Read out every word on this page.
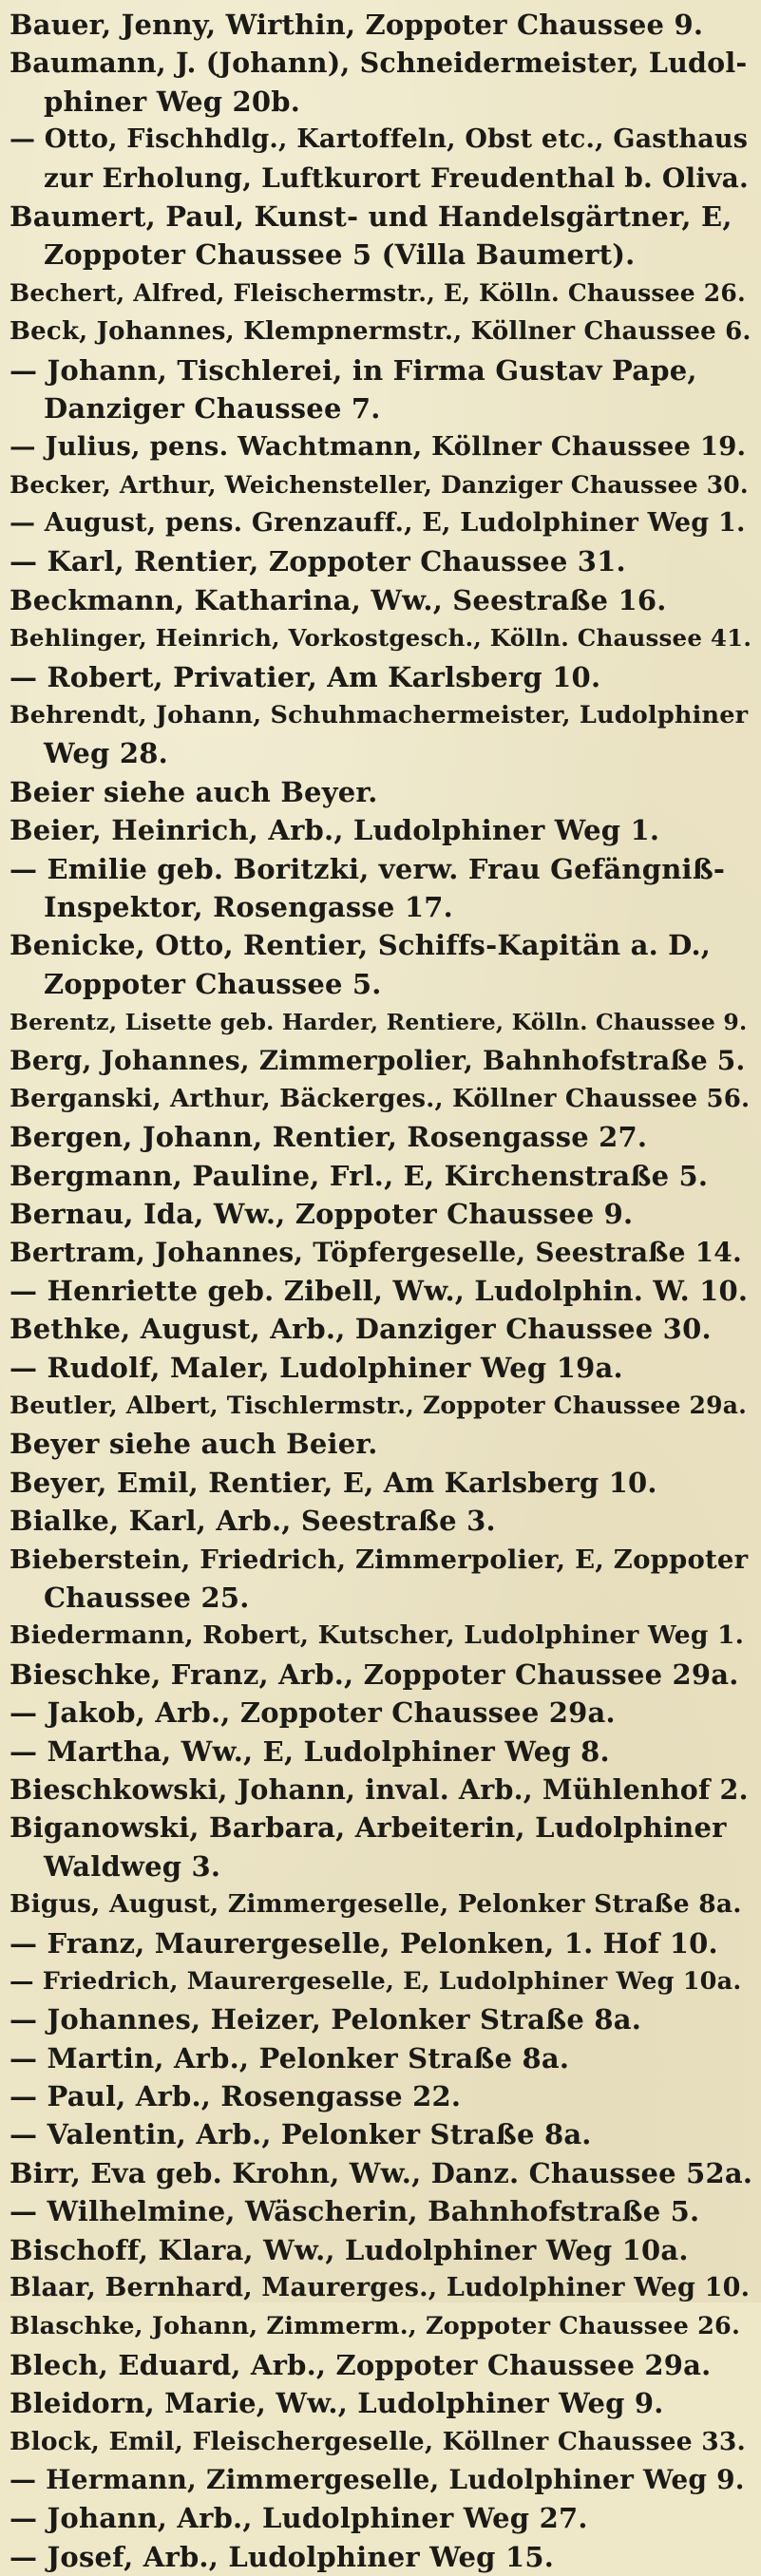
Bauer, Jenny, Wirthin, Zoppoter Chaussee 9.
Baumann, J. (Johann), Schneidermeister, Ludol-
phiner Weg 20b.
— Otto, Fischhdlg., Kartoffeln, Obst etc., Gasthaus
zur Erholung, Luftkurort Freudenthal b. Oliva.
Baumert, Paul, Kunst- und Handelsgärtner, E,
Zoppoter Chaussee 5 (Villa Baumert).
Bechert, Alfred, Fleischermstr., E, Kölln. Chaussee 26.
Beck, Johannes, Klempnermstr., Köllner Chaussee 6.
— Johann, Tischlerei, in Firma Gustav Pape,
Danziger Chaussee 7.
— Julius, pens. Wachtmann, Köllner Chaussee 19.
Becker, Arthur, Weichensteller, Danziger Chaussee 30.
— August, pens. Grenzauff., E, Ludolphiner Weg 1.
— Karl, Rentier, Zoppoter Chaussee 31.
Beckmann, Katharina, Ww., Seestraße 16.
Behlinger, Heinrich, Vorkostgesch., Kölln. Chaussee 41.
— Robert, Privatier, Am Karlsberg 10.
Behrendt, Johann, Schuhmachermeister, Ludolphiner
Weg 28.
Beier siehe auch Beyer.
Beier, Heinrich, Arb., Ludolphiner Weg 1.
— Emilie geb. Boritzki, verw. Frau Gefängniß-
Inspektor, Rosengasse 17.
Benicke, Otto, Rentier, Schiffs-Kapitän a. D.,
Zoppoter Chaussee 5.
Berentz, Lisette geb. Harder, Rentiere, Kölln. Chaussee 9.
Berg, Johannes, Zimmerpolier, Bahnhofstraße 5.
Berganski, Arthur, Bäckerges., Köllner Chaussee 56.
Bergen, Johann, Rentier, Rosengasse 27.
Bergmann, Pauline, Frl., E, Kirchenstraße 5.
Bernau, Ida, Ww., Zoppoter Chaussee 9.
Bertram, Johannes, Töpfergeselle, Seestraße 14.
— Henriette geb. Zibell, Ww., Ludolphin. W. 10.
Bethke, August, Arb., Danziger Chaussee 30.
— Rudolf, Maler, Ludolphiner Weg 19a.
Beutler, Albert, Tischlermstr., Zoppoter Chaussee 29a.
Beyer siehe auch Beier.
Beyer, Emil, Rentier, E, Am Karlsberg 10.
Bialke, Karl, Arb., Seestraße 3.
Bieberstein, Friedrich, Zimmerpolier, E, Zoppoter
Chaussee 25.
Biedermann, Robert, Kutscher, Ludolphiner Weg 1.
Bieschke, Franz, Arb., Zoppoter Chaussee 29a.
— Jakob, Arb., Zoppoter Chaussee 29a.
— Martha, Ww., E, Ludolphiner Weg 8.
Bieschkowski, Johann, inval. Arb., Mühlenhof 2.
Biganowski, Barbara, Arbeiterin, Ludolphiner
Waldweg 3.
Bigus, August, Zimmergeselle, Pelonker Straße 8a.
— Franz, Maurergeselle, Pelonken, 1. Hof 10.
— Friedrich, Maurergeselle, E, Ludolphiner Weg 10a.
— Johannes, Heizer, Pelonker Straße 8a.
— Martin, Arb., Pelonker Straße 8a.
— Paul, Arb., Rosengasse 22.
— Valentin, Arb., Pelonker Straße 8a.
Birr, Eva geb. Krohn, Ww., Danz. Chaussee 52a.
— Wilhelmine, Wäscherin, Bahnhofstraße 5.
Bischoff, Klara, Ww., Ludolphiner Weg 10a.
Blaar, Bernhard, Maurerges., Ludolphiner Weg 10.
Blaschke, Johann, Zimmerm., Zoppoter Chaussee 26.
Blech, Eduard, Arb., Zoppoter Chaussee 29a.
Bleidorn, Marie, Ww., Ludolphiner Weg 9.
Block, Emil, Fleischergeselle, Köllner Chaussee 33.
— Hermann, Zimmergeselle, Ludolphiner Weg 9.
— Johann, Arb., Ludolphiner Weg 27.
— Josef, Arb., Ludolphiner Weg 15.
